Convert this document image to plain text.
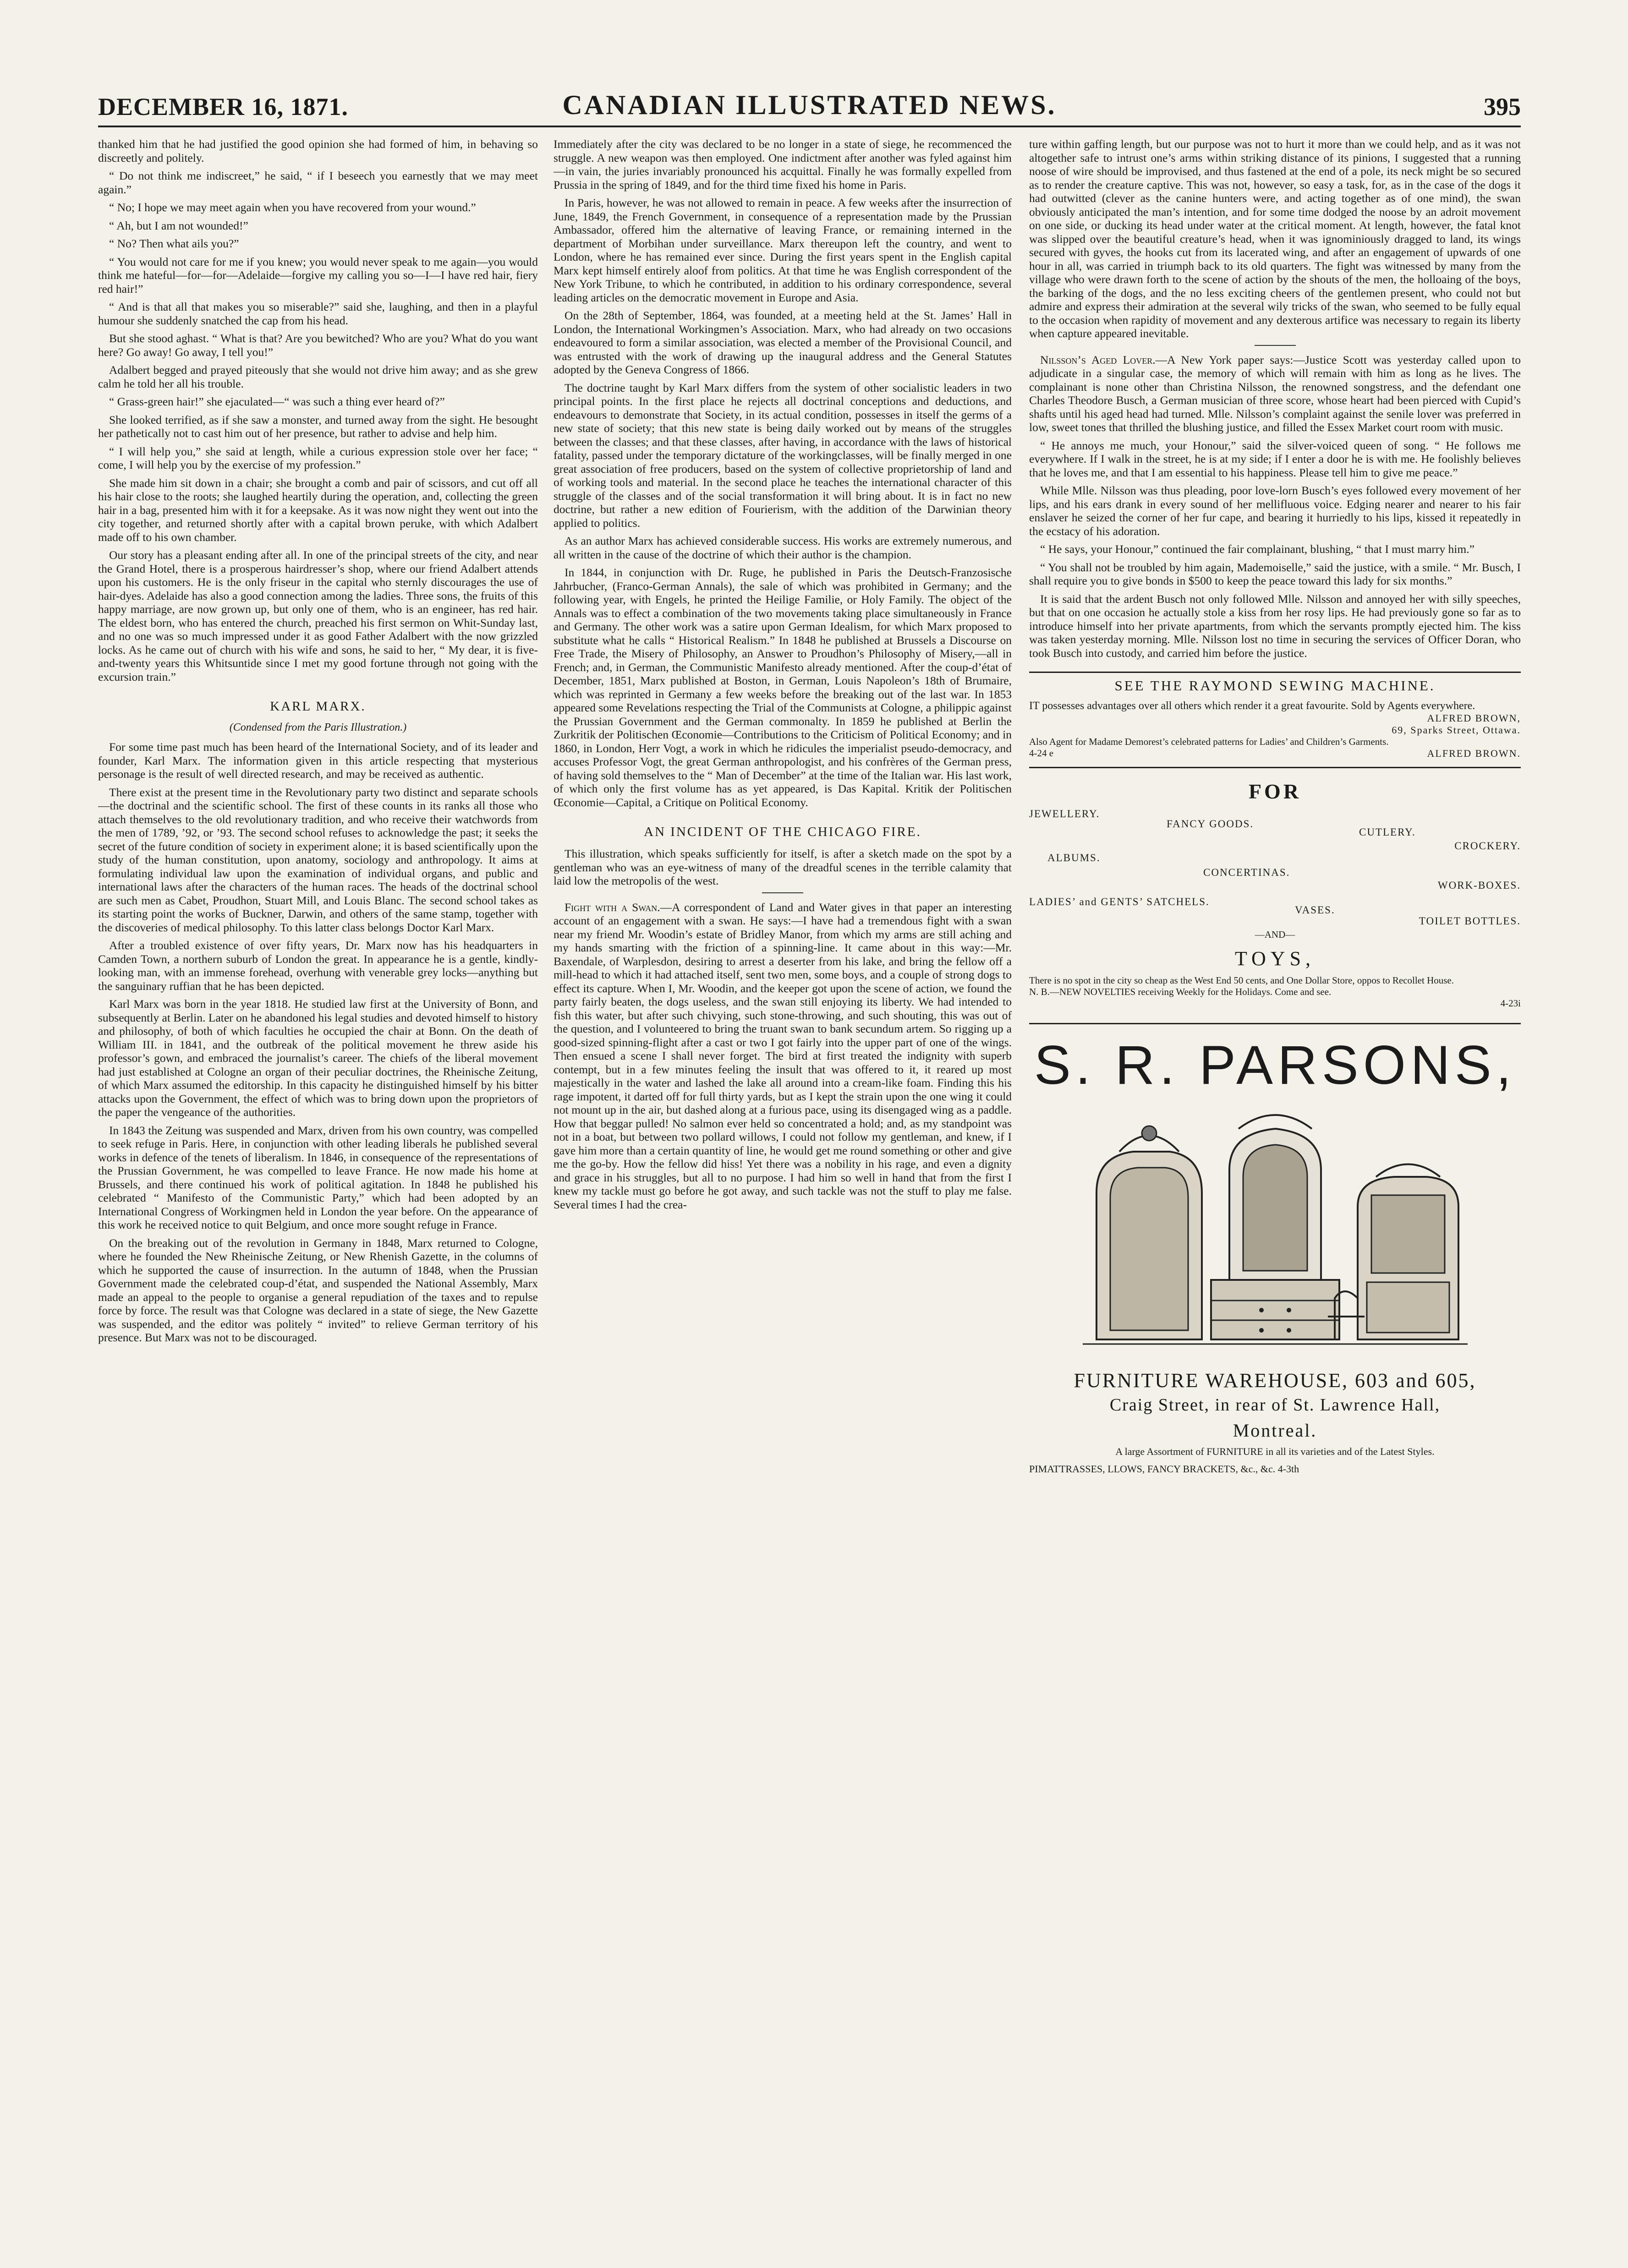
DECEMBER 16, 1871.	CANADIAN ILLUSTRATED NEWS.	395

thanked him that he had justified the good opinion she had formed of him, in behaving so discreetly and politely.

“ Do not think me indiscreet,” he said, “ if I beseech you earnestly that we may meet again.”

“ No; I hope we may meet again when you have recovered from your wound.”

“ Ah, but I am not wounded!”

“ No? Then what ails you?”

“ You would not care for me if you knew; you would never speak to me again—you would think me hateful—for—for—Adelaide—forgive my calling you so—I—I have red hair, fiery red hair!”

“ And is that all that makes you so miserable?” said she, laughing, and then in a playful humour she suddenly snatched the cap from his head.

But she stood aghast. “ What is that? Are you bewitched? Who are you? What do you want here? Go away! Go away, I tell you!”

Adalbert begged and prayed piteously that she would not drive him away; and as she grew calm he told her all his trouble.

“ Grass-green hair!” she ejaculated—“ was such a thing ever heard of?”

She looked terrified, as if she saw a monster, and turned away from the sight. He besought her pathetically not to cast him out of her presence, but rather to advise and help him.

“ I will help you,” she said at length, while a curious expression stole over her face; “ come, I will help you by the exercise of my profession.”

She made him sit down in a chair; she brought a comb and pair of scissors, and cut off all his hair close to the roots; she laughed heartily during the operation, and, collecting the green hair in a bag, presented him with it for a keepsake. As it was now night they went out into the city together, and returned shortly after with a capital brown peruke, with which Adalbert made off to his own chamber.

Our story has a pleasant ending after all. In one of the principal streets of the city, and near the Grand Hotel, there is a prosperous hairdresser’s shop, where our friend Adalbert attends upon his customers. He is the only friseur in the capital who sternly discourages the use of hair-dyes. Adelaide has also a good connection among the ladies. Three sons, the fruits of this happy marriage, are now grown up, but only one of them, who is an engineer, has red hair. The eldest born, who has entered the church, preached his first sermon on Whit-Sunday last, and no one was so much impressed under it as good Father Adalbert with the now grizzled locks. As he came out of church with his wife and sons, he said to her, “ My dear, it is five-and-twenty years this Whitsuntide since I met my good fortune through not going with the excursion train.”

KARL MARX.
(Condensed from the Paris Illustration.)

For some time past much has been heard of the International Society, and of its leader and founder, Karl Marx. The information given in this article respecting that mysterious personage is the result of well directed research, and may be received as authentic.

There exist at the present time in the Revolutionary party two distinct and separate schools—the doctrinal and the scientific school. The first of these counts in its ranks all those who attach themselves to the old revolutionary tradition, and who receive their watchwords from the men of 1789, ’92, or ’93. The second school refuses to acknowledge the past; it seeks the secret of the future condition of society in experiment alone; it is based scientifically upon the study of the human constitution, upon anatomy, sociology and anthropology. It aims at formulating individual law upon the examination of individual organs, and public and international laws after the characters of the human races. The heads of the doctrinal school are such men as Cabet, Proudhon, Stuart Mill, and Louis Blanc. The second school takes as its starting point the works of Buckner, Darwin, and others of the same stamp, together with the discoveries of medical philosophy. To this latter class belongs Doctor Karl Marx.

After a troubled existence of over fifty years, Dr. Marx now has his headquarters in Camden Town, a northern suburb of London the great. In appearance he is a gentle, kindly-looking man, with an immense forehead, overhung with venerable grey locks—anything but the sanguinary ruffian that he has been depicted.

Karl Marx was born in the year 1818. He studied law first at the University of Bonn, and subsequently at Berlin. Later on he abandoned his legal studies and devoted himself to history and philosophy, of both of which faculties he occupied the chair at Bonn. On the death of William III. in 1841, and the outbreak of the political movement he threw aside his professor’s gown, and embraced the journalist’s career. The chiefs of the liberal movement had just established at Cologne an organ of their peculiar doctrines, the Rheinische Zeitung, of which Marx assumed the editorship. In this capacity he distinguished himself by his bitter attacks upon the Government, the effect of which was to bring down upon the proprietors of the paper the vengeance of the authorities.

In 1843 the Zeitung was suspended and Marx, driven from his own country, was compelled to seek refuge in Paris. Here, in conjunction with other leading liberals he published several works in defence of the tenets of liberalism. In 1846, in consequence of the representations of the Prussian Government, he was compelled to leave France. He now made his home at Brussels, and there continued his work of political agitation. In 1848 he published his celebrated “ Manifesto of the Communistic Party,” which had been adopted by an International Congress of Workingmen held in London the year before. On the appearance of this work he received notice to quit Belgium, and once more sought refuge in France.

On the breaking out of the revolution in Germany in 1848, Marx returned to Cologne, where he founded the New Rheinische Zeitung, or New Rhenish Gazette, in the columns of which he supported the cause of insurrection. In the autumn of 1848, when the Prussian Government made the celebrated coup-d’état, and suspended the National Assembly, Marx made an appeal to the people to organise a general repudiation of the taxes and to repulse force by force. The result was that Cologne was declared in a state of siege, the New Gazette was suspended, and the editor was politely “ invited” to relieve German territory of his presence. But Marx was not to be discouraged.

Immediately after the city was declared to be no longer in a state of siege, he recommenced the struggle. A new weapon was then employed. One indictment after another was fyled against him—in vain, the juries invariably pronounced his acquittal. Finally he was formally expelled from Prussia in the spring of 1849, and for the third time fixed his home in Paris.

In Paris, however, he was not allowed to remain in peace. A few weeks after the insurrection of June, 1849, the French Government, in consequence of a representation made by the Prussian Ambassador, offered him the alternative of leaving France, or remaining interned in the department of Morbihan under surveillance. Marx thereupon left the country, and went to London, where he has remained ever since. During the first years spent in the English capital Marx kept himself entirely aloof from politics. At that time he was English correspondent of the New York Tribune, to which he contributed, in addition to his ordinary correspondence, several leading articles on the democratic movement in Europe and Asia.

On the 28th of September, 1864, was founded, at a meeting held at the St. James’ Hall in London, the International Workingmen’s Association. Marx, who had already on two occasions endeavoured to form a similar association, was elected a member of the Provisional Council, and was entrusted with the work of drawing up the inaugural address and the General Statutes adopted by the Geneva Congress of 1866.

The doctrine taught by Karl Marx differs from the system of other socialistic leaders in two principal points. In the first place he rejects all doctrinal conceptions and deductions, and endeavours to demonstrate that Society, in its actual condition, possesses in itself the germs of a new state of society; that this new state is being daily worked out by means of the struggles between the classes; and that these classes, after having, in accordance with the laws of historical fatality, passed under the temporary dictature of the workingclasses, will be finally merged in one great association of free producers, based on the system of collective proprietorship of land and of working tools and material. In the second place he teaches the international character of this struggle of the classes and of the social transformation it will bring about. It is in fact no new doctrine, but rather a new edition of Fourierism, with the addition of the Darwinian theory applied to politics.

As an author Marx has achieved considerable success. His works are extremely numerous, and all written in the cause of the doctrine of which their author is the champion.

In 1844, in conjunction with Dr. Ruge, he published in Paris the Deutsch-Franzosische Jahrbucher, (Franco-German Annals), the sale of which was prohibited in Germany; and the following year, with Engels, he printed the Heilige Familie, or Holy Family. The object of the Annals was to effect a combination of the two movements taking place simultaneously in France and Germany. The other work was a satire upon German Idealism, for which Marx proposed to substitute what he calls “ Historical Realism.” In 1848 he published at Brussels a Discourse on Free Trade, the Misery of Philosophy, an Answer to Proudhon’s Philosophy of Misery,—all in French; and, in German, the Communistic Manifesto already mentioned. After the coup-d’état of December, 1851, Marx published at Boston, in German, Louis Napoleon’s 18th of Brumaire, which was reprinted in Germany a few weeks before the breaking out of the last war. In 1853 appeared some Revelations respecting the Trial of the Communists at Cologne, a philippic against the Prussian Government and the German commonalty. In 1859 he published at Berlin the Zurkritik der Politischen Œconomie—Contributions to the Criticism of Political Economy; and in 1860, in London, Herr Vogt, a work in which he ridicules the imperialist pseudo-democracy, and accuses Professor Vogt, the great German anthropologist, and his confrères of the German press, of having sold themselves to the “ Man of December” at the time of the Italian war. His last work, of which only the first volume has as yet appeared, is Das Kapital. Kritik der Politischen Œconomie—Capital, a Critique on Political Economy.

AN INCIDENT OF THE CHICAGO FIRE.

This illustration, which speaks sufficiently for itself, is after a sketch made on the spot by a gentleman who was an eye-witness of many of the dreadful scenes in the terrible calamity that laid low the metropolis of the west.

Fight with a Swan.—A correspondent of Land and Water gives in that paper an interesting account of an engagement with a swan. He says:—I have had a tremendous fight with a swan near my friend Mr. Woodin’s estate of Bridley Manor, from which my arms are still aching and my hands smarting with the friction of a spinning-line. It came about in this way:—Mr. Baxendale, of Warplesdon, desiring to arrest a deserter from his lake, and bring the fellow off a mill-head to which it had attached itself, sent two men, some boys, and a couple of strong dogs to effect its capture. When I, Mr. Woodin, and the keeper got upon the scene of action, we found the party fairly beaten, the dogs useless, and the swan still enjoying its liberty. We had intended to fish this water, but after such chivying, such stone-throwing, and such shouting, this was out of the question, and I volunteered to bring the truant swan to bank secundum artem. So rigging up a good-sized spinning-flight after a cast or two I got fairly into the upper part of one of the wings. Then ensued a scene I shall never forget. The bird at first treated the indignity with superb contempt, but in a few minutes feeling the insult that was offered to it, it reared up most majestically in the water and lashed the lake all around into a cream-like foam. Finding this his rage impotent, it darted off for full thirty yards, but as I kept the strain upon the one wing it could not mount up in the air, but dashed along at a furious pace, using its disengaged wing as a paddle. How that beggar pulled! No salmon ever held so concentrated a hold; and, as my standpoint was not in a boat, but between two pollard willows, I could not follow my gentleman, and knew, if I gave him more than a certain quantity of line, he would get me round something or other and give me the go-by. How the fellow did hiss! Yet there was a nobility in his rage, and even a dignity and grace in his struggles, but all to no purpose. I had him so well in hand that from the first I knew my tackle must go before he got away, and such tackle was not the stuff to play me false. Several times I had the crea-

ture within gaffing length, but our purpose was not to hurt it more than we could help, and as it was not altogether safe to intrust one’s arms within striking distance of its pinions, I suggested that a running noose of wire should be improvised, and thus fastened at the end of a pole, its neck might be so secured as to render the creature captive. This was not, however, so easy a task, for, as in the case of the dogs it had outwitted (clever as the canine hunters were, and acting together as of one mind), the swan obviously anticipated the man’s intention, and for some time dodged the noose by an adroit movement on one side, or ducking its head under water at the critical moment. At length, however, the fatal knot was slipped over the beautiful creature’s head, when it was ignominiously dragged to land, its wings secured with gyves, the hooks cut from its lacerated wing, and after an engagement of upwards of one hour in all, was carried in triumph back to its old quarters. The fight was witnessed by many from the village who were drawn forth to the scene of action by the shouts of the men, the holloaing of the boys, the barking of the dogs, and the no less exciting cheers of the gentlemen present, who could not but admire and express their admiration at the several wily tricks of the swan, who seemed to be fully equal to the occasion when rapidity of movement and any dexterous artifice was necessary to regain its liberty when capture appeared inevitable.

Nilsson’s Aged Lover.—A New York paper says:—Justice Scott was yesterday called upon to adjudicate in a singular case, the memory of which will remain with him as long as he lives. The complainant is none other than Christina Nilsson, the renowned songstress, and the defendant one Charles Theodore Busch, a German musician of three score, whose heart had been pierced with Cupid’s shafts until his aged head had turned. Mlle. Nilsson’s complaint against the senile lover was preferred in low, sweet tones that thrilled the blushing justice, and filled the Essex Market court room with music.

“ He annoys me much, your Honour,” said the silver-voiced queen of song. “ He follows me everywhere. If I walk in the street, he is at my side; if I enter a door he is with me. He foolishly believes that he loves me, and that I am essential to his happiness. Please tell him to give me peace.”

While Mlle. Nilsson was thus pleading, poor love-lorn Busch’s eyes followed every movement of her lips, and his ears drank in every sound of her mellifluous voice. Edging nearer and nearer to his fair enslaver he seized the corner of her fur cape, and bearing it hurriedly to his lips, kissed it repeatedly in the ecstacy of his adoration.

“ He says, your Honour,” continued the fair complainant, blushing, “ that I must marry him.”

“ You shall not be troubled by him again, Mademoiselle,” said the justice, with a smile. “ Mr. Busch, I shall require you to give bonds in $500 to keep the peace toward this lady for six months.”

It is said that the ardent Busch not only followed Mlle. Nilsson and annoyed her with silly speeches, but that on one occasion he actually stole a kiss from her rosy lips. He had previously gone so far as to introduce himself into her private apartments, from which the servants promptly ejected him. The kiss was taken yesterday morning. Mlle. Nilsson lost no time in securing the services of Officer Doran, who took Busch into custody, and carried him before the justice.

SEE THE RAYMOND SEWING MACHINE.
IT possesses advantages over all others which render it a great favourite. Sold by Agents everywhere.
ALFRED BROWN,
69, Sparks Street, Ottawa.
Also Agent for Madame Demorest’s celebrated patterns for Ladies’ and Children’s Garments.
4-24 e	ALFRED BROWN.
FOR
JEWELLERY.
FANCY GOODS.
CUTLERY.
CROCKERY.
ALBUMS.
CONCERTINAS.
WORK-BOXES.
LADIES’ and GENTS’ SATCHELS.
VASES.
TOILET BOTTLES.
—AND—
TOYS,
There is no spot in the city so cheap as the West End 50 cents, and One Dollar Store, oppos to Recollet House.
N. B.—NEW NOVELTIES receiving Weekly for the Holidays. Come and see.
4-23i
S. R. PARSONS,
FURNITURE WAREHOUSE, 603 and 605,
Craig Street, in rear of St. Lawrence Hall,
Montreal.
A large Assortment of FURNITURE in all its varieties and of the Latest Styles.
PIMATTRASSES, LLOWS, FANCY BRACKETS, &c., &c. 4-3th
